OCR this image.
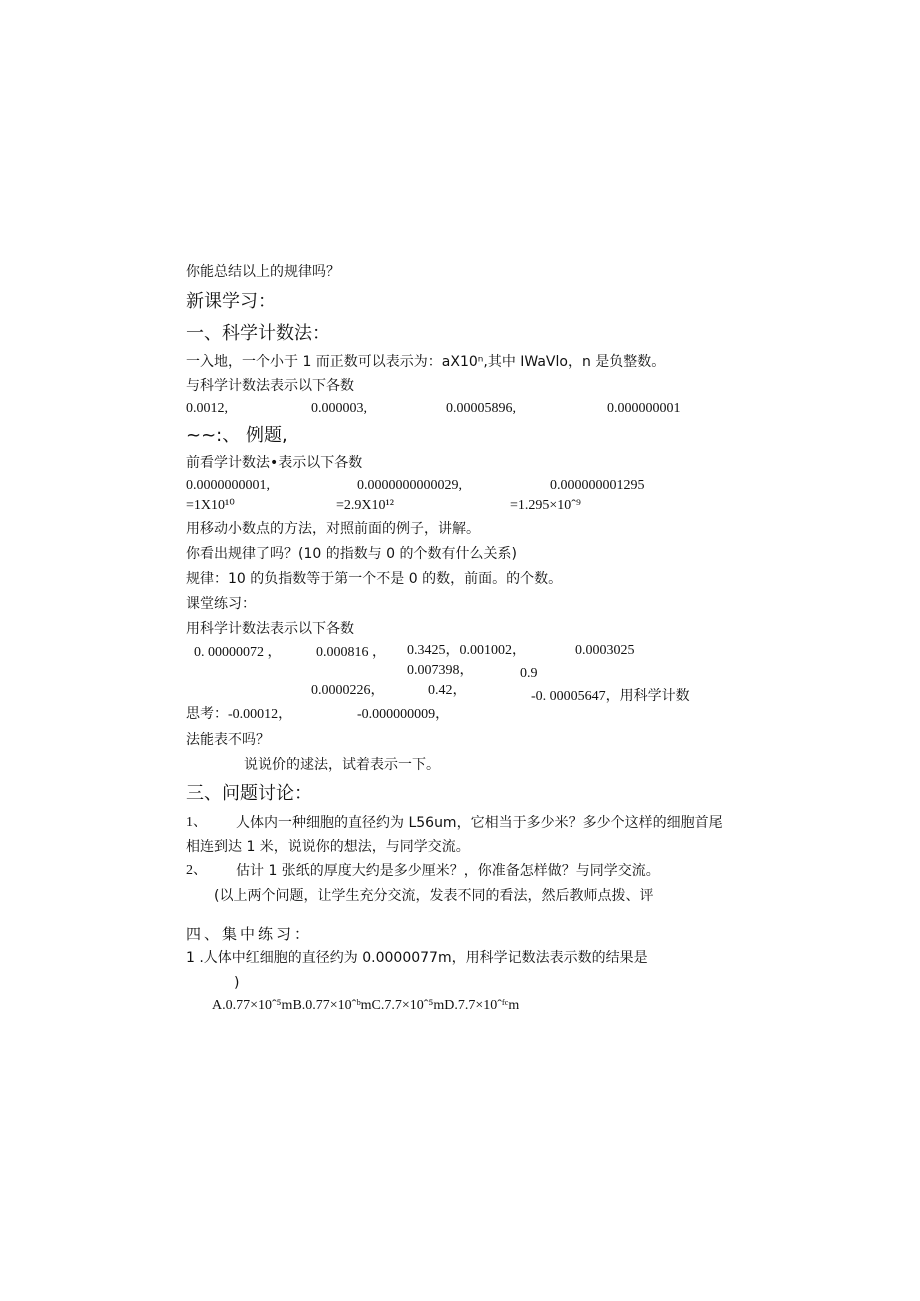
你能总结以上的规律吗？
新课学习：
一、科学计数法：
一入地，一个小于 1 而正数可以表示为：aX10ⁿ,其中 IWaVlo，n 是负整数。
与科学计数法表示以下各数
0.0012,	0.000003,	0.00005896,	0.000000001
~~:、 例题,
前看学计数法•表示以下各数
0.0000000001,	0.0000000000029,	0.000000001295
=1X10¹⁰	=2.9X10¹²	=1.295×10ˆ⁹
用移动小数点的方法，对照前面的例子，讲解。
你看出规律了吗？(10 的指数与 0 的个数有什么关系)
规律：10 的负指数等于第一个不是 0 的数，前面。的个数。
课堂练习：
用科学计数法表示以下各数
0. 00000072 ， 0.000816 ， 0.3425，0.001002，	0.0003025
0.007398，	0.9
0.0000226，	0.42，	-0. 00005647，用科学计数
思考：-0.00012，	-0.000000009，
法能表不吗？
说说价的逑法，试着表示一下。
三、问题讨论：
1、 人体内一种细胞的直径约为 L56um，它相当于多少米？多少个这样的细胞首尾
相连到达 1 米，说说你的想法，与同学交流。
2、 估计 1 张纸的厚度大约是多少厘米？，你准备怎样做？与同学交流。
(以上两个问题，让学生充分交流，发表不同的看法，然后教师点拨、评
四、集中练习：
1 .人体中红细胞的直径约为 0.0000077m，用科学记数法表示数的结果是
)
A.0.77×10ˆ⁵mB.0.77×10ˆᵇmC.7.7×10ˆ⁵mD.7.7×10ˆᶠᶜm
